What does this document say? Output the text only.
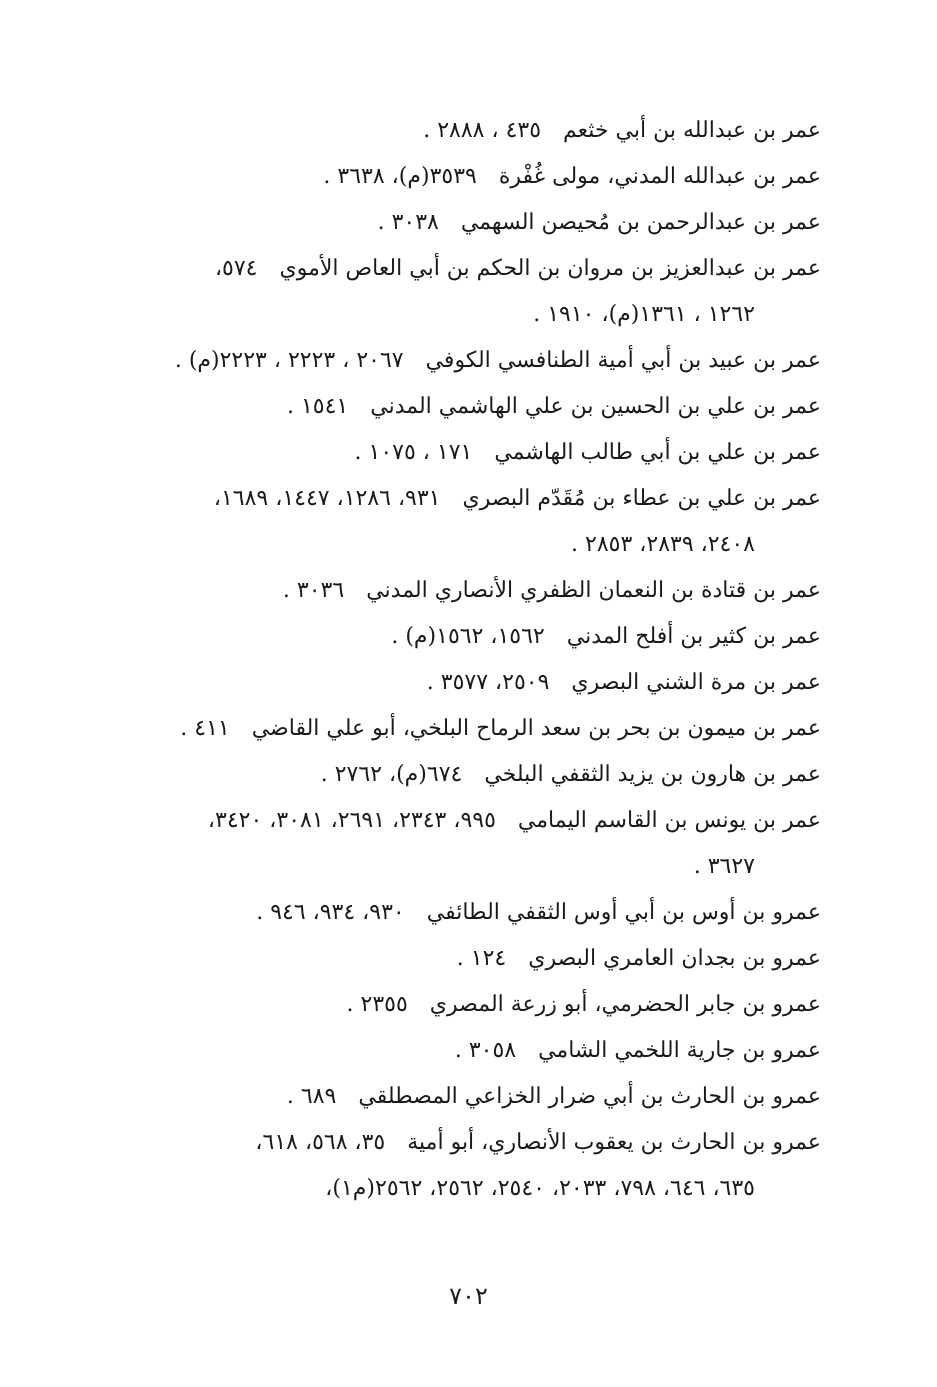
عمر بن عبدالله بن أبي خثعم٤٣٥ ، ٢٨٨٨ .
عمر بن عبدالله المدني، مولى غُفْرة٣٥٣٩(م)، ٣٦٣٨ .
عمر بن عبدالرحمن بن مُحيصن السهمي٣٠٣٨ .
عمر بن عبدالعزيز بن مروان بن الحكم بن أبي العاص الأموي٥٧٤،
١٢٦٢ ، ١٣٦١(م)، ١٩١٠ .
عمر بن عبيد بن أبي أمية الطنافسي الكوفي٢٠٦٧ ، ٢٢٢٣ ، ٢٢٢٣(م) .
عمر بن علي بن الحسين بن علي الهاشمي المدني١٥٤١ .
عمر بن علي بن أبي طالب الهاشمي١٧١ ، ١٠٧٥ .
عمر بن علي بن عطاء بن مُقَدّم البصري٩٣١، ١٢٨٦، ١٤٤٧، ١٦٨٩،
٢٤٠٨، ٢٨٣٩، ٢٨٥٣ .
عمر بن قتادة بن النعمان الظفري الأنصاري المدني٣٠٣٦ .
عمر بن كثير بن أفلح المدني١٥٦٢، ١٥٦٢(م) .
عمر بن مرة الشني البصري٢٥٠٩، ٣٥٧٧ .
عمر بن ميمون بن بحر بن سعد الرماح البلخي، أبو علي القاضي٤١١ .
عمر بن هارون بن يزيد الثقفي البلخي٦٧٤(م)، ٢٧٦٢ .
عمر بن يونس بن القاسم اليمامي٩٩٥، ٢٣٤٣، ٢٦٩١، ٣٠٨١، ٣٤٢٠،
٣٦٢٧ .
عمرو بن أوس بن أبي أوس الثقفي الطائفي٩٣٠، ٩٣٤، ٩٤٦ .
عمرو بن بجدان العامري البصري١٢٤ .
عمرو بن جابر الحضرمي، أبو زرعة المصري٢٣٥٥ .
عمرو بن جارية اللخمي الشامي٣٠٥٨ .
عمرو بن الحارث بن أبي ضرار الخزاعي المصطلقي٦٨٩ .
عمرو بن الحارث بن يعقوب الأنصاري، أبو أمية٣٥، ٥٦٨، ٦١٨،
٦٣٥، ٦٤٦، ٧٩٨، ٢٠٣٣، ٢٥٤٠، ٢٥٦٢، ٢٥٦٢(م١)،
٧٠٢
